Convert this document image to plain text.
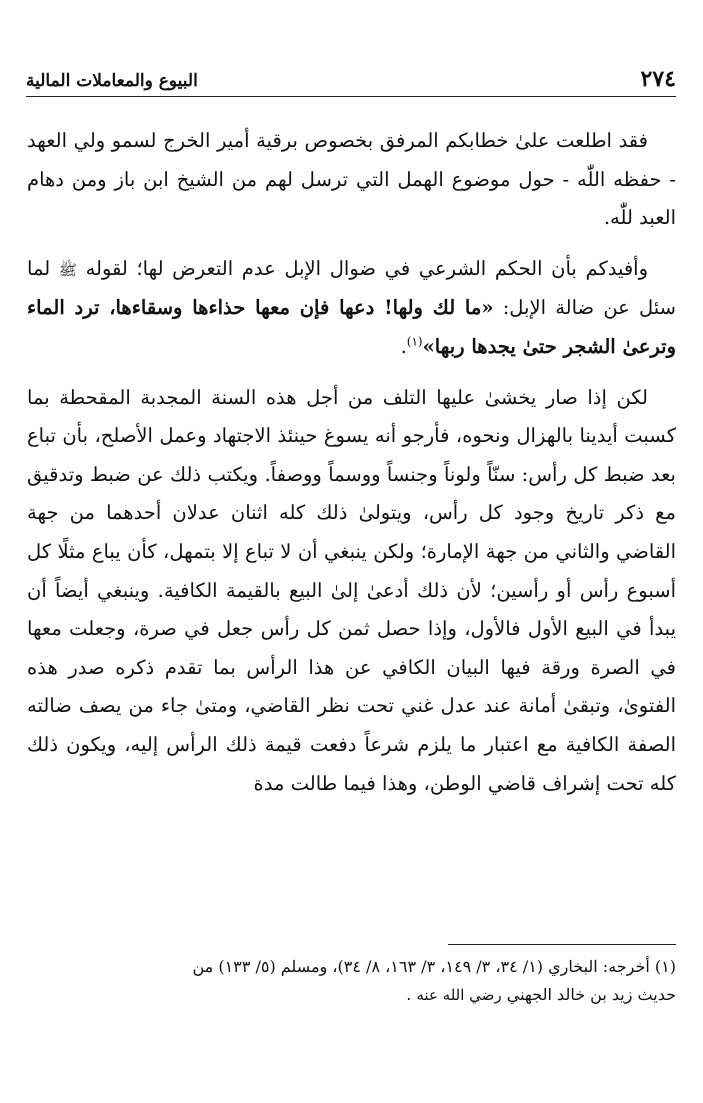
٢٧٤
البيوع والمعاملات المالية

فقد اطلعت علىٰ خطابكم المرفق بخصوص برقية أمير الخرج لسمو ولي العهد - حفظه اللّٰه - حول موضوع الهمل التي ترسل لهم من الشيخ ابن باز ومن دهام العبد للّٰه.

وأفيدكم بأن الحكم الشرعي في ضوال الإبل عدم التعرض لها؛ لقوله ﷺ لما سئل عن ضالة الإبل: «ما لك ولها! دعها فإن معها حذاءها وسقاءها، ترد الماء وترعىٰ الشجر حتىٰ يجدها ربها»$^{(١)}$.

لكن إذا صار يخشىٰ عليها التلف من أجل هذه السنة المجدبة المقحطة بما كسبت أيدينا بالهزال ونحوه، فأرجو أنه يسوغ حينئذ الاجتهاد وعمل الأصلح، بأن تباع بعد ضبط كل رأس: سنّاً ولوناً وجنساً ووسماً ووصفاً. ويكتب ذلك عن ضبط وتدقيق مع ذكر تاريخ وجود كل رأس، ويتولىٰ ذلك كله اثنان عدلان أحدهما من جهة القاضي والثاني من جهة الإمارة؛ ولكن ينبغي أن لا تباع إلا بتمهل، كأن يباع مثلًا كل أسبوع رأس أو رأسين؛ لأن ذلك أدعىٰ إلىٰ البيع بالقيمة الكافية. وينبغي أيضاً أن يبدأ في البيع الأول فالأول، وإذا حصل ثمن كل رأس جعل في صرة، وجعلت معها في الصرة ورقة فيها البيان الكافي عن هذا الرأس بما تقدم ذكره صدر هذه الفتوىٰ، وتبقىٰ أمانة عند عدل غني تحت نظر القاضي، ومتىٰ جاء من يصف ضالته الصفة الكافية مع اعتبار ما يلزم شرعاً دفعت قيمة ذلك الرأس إليه، ويكون ذلك كله تحت إشراف قاضي الوطن، وهذا فيما طالت مدة

(١) أخرجه: البخاري (١/ ٣٤، ٣/ ١٤٩، ٣/ ١٦٣، ٨/ ٣٤)، ومسلم (٥/ ١٣٣) من

حديث زيد بن خالد الجهني رضي الله عنه .
